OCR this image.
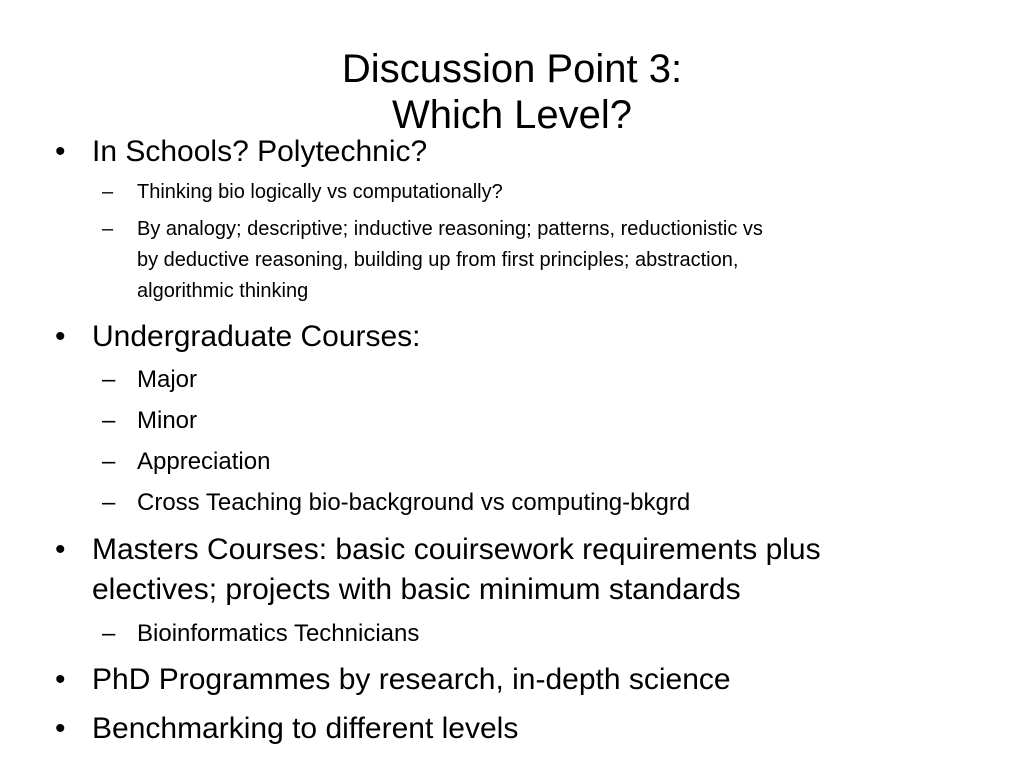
Discussion Point 3:
Which Level?
• In Schools? Polytechnic?
– Thinking bio logically vs computationally?
– By analogy; descriptive; inductive reasoning; patterns, reductionistic vs
by deductive reasoning, building up from first principles; abstraction,
algorithmic thinking
• Undergraduate Courses:
– Major
– Minor
– Appreciation
– Cross Teaching bio-background vs computing-bkgrd
• Masters Courses: basic couirsework requirements plus
electives; projects with basic minimum standards
– Bioinformatics Technicians
• PhD Programmes by research, in-depth science
• Benchmarking to different levels
